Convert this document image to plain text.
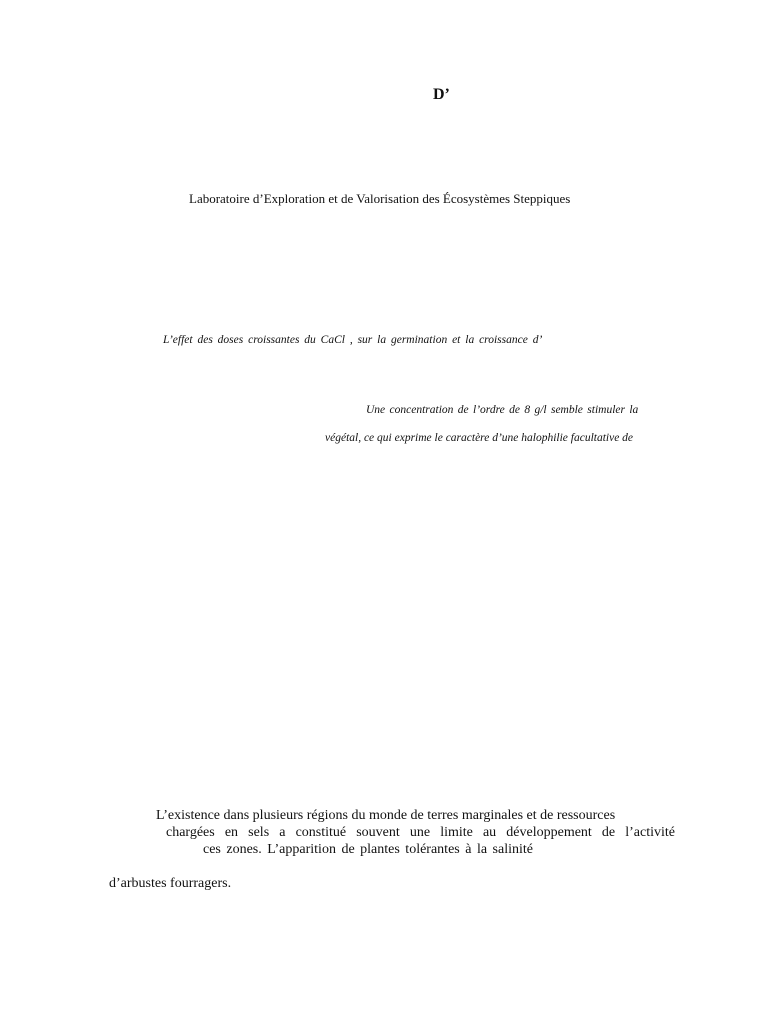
D’
Laboratoire d’Exploration et de Valorisation des Écosystèmes Steppiques
L’effet des doses croissantes du CaCl , sur la germination et la croissance d’
Une concentration de l’ordre de 8 g/l semble stimuler la
végétal, ce qui exprime le caractère d’une halophilie facultative de
L’existence dans plusieurs régions du monde de terres marginales et de ressources
chargées en sels a constitué souvent une limite au développement de l’activité
ces zones. L’apparition de plantes tolérantes à la salinité
d’arbustes fourragers.
